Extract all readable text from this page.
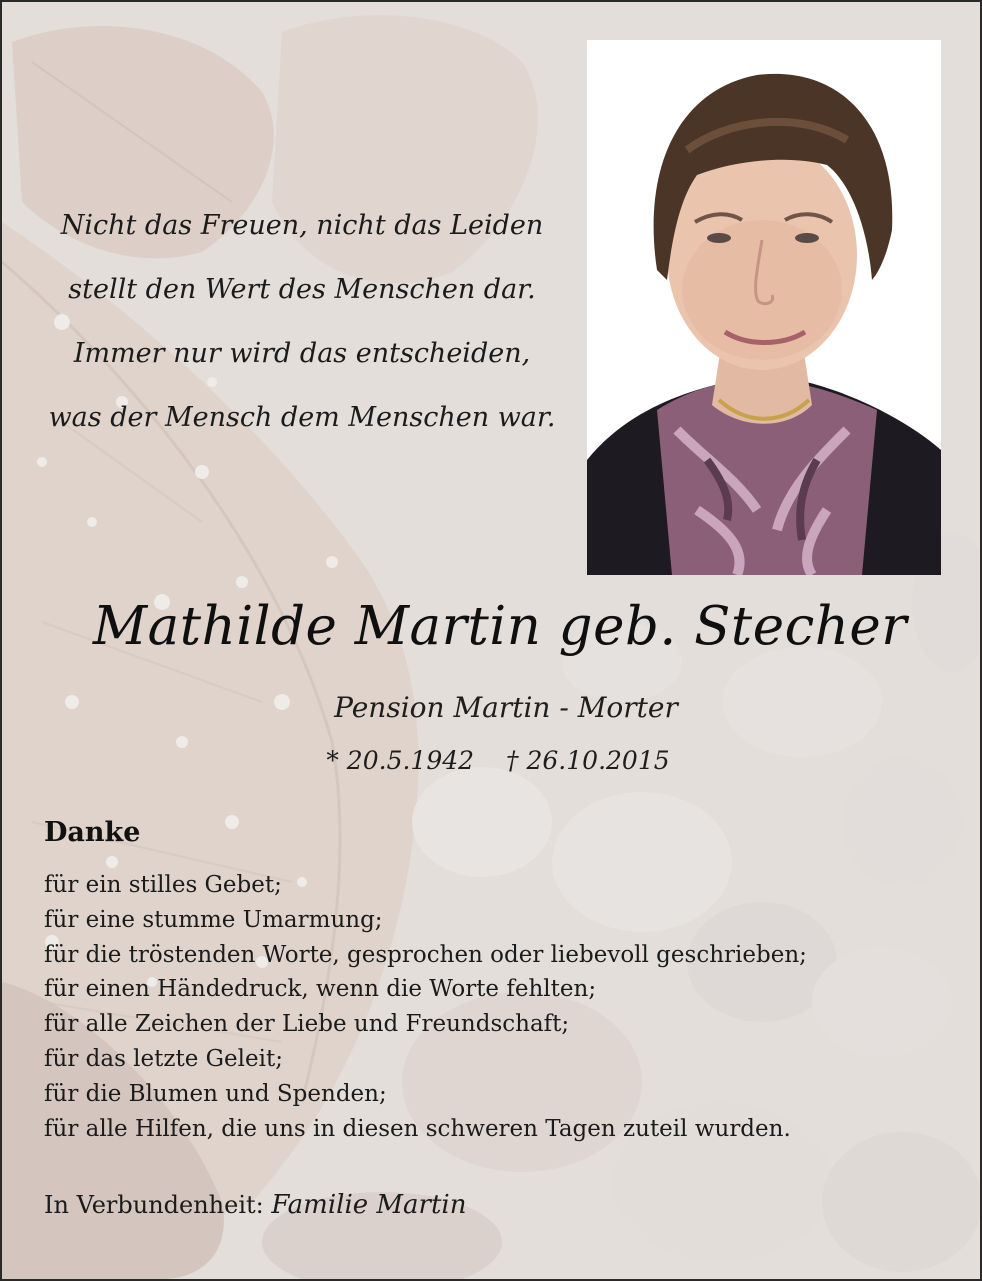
Nicht das Freuen, nicht das Leiden
stellt den Wert des Menschen dar.
Immer nur wird das entscheiden,
was der Mensch dem Menschen war.
Mathilde Martin geb. Stecher
Pension Martin - Morter
* 20.5.1942 † 26.10.2015
Danke
für ein stilles Gebet;
für eine stumme Umarmung;
für die tröstenden Worte, gesprochen oder liebevoll geschrieben;
für einen Händedruck, wenn die Worte fehlten;
für alle Zeichen der Liebe und Freundschaft;
für das letzte Geleit;
für die Blumen und Spenden;
für alle Hilfen, die uns in diesen schweren Tagen zuteil wurden.
In Verbundenheit: Familie Martin
